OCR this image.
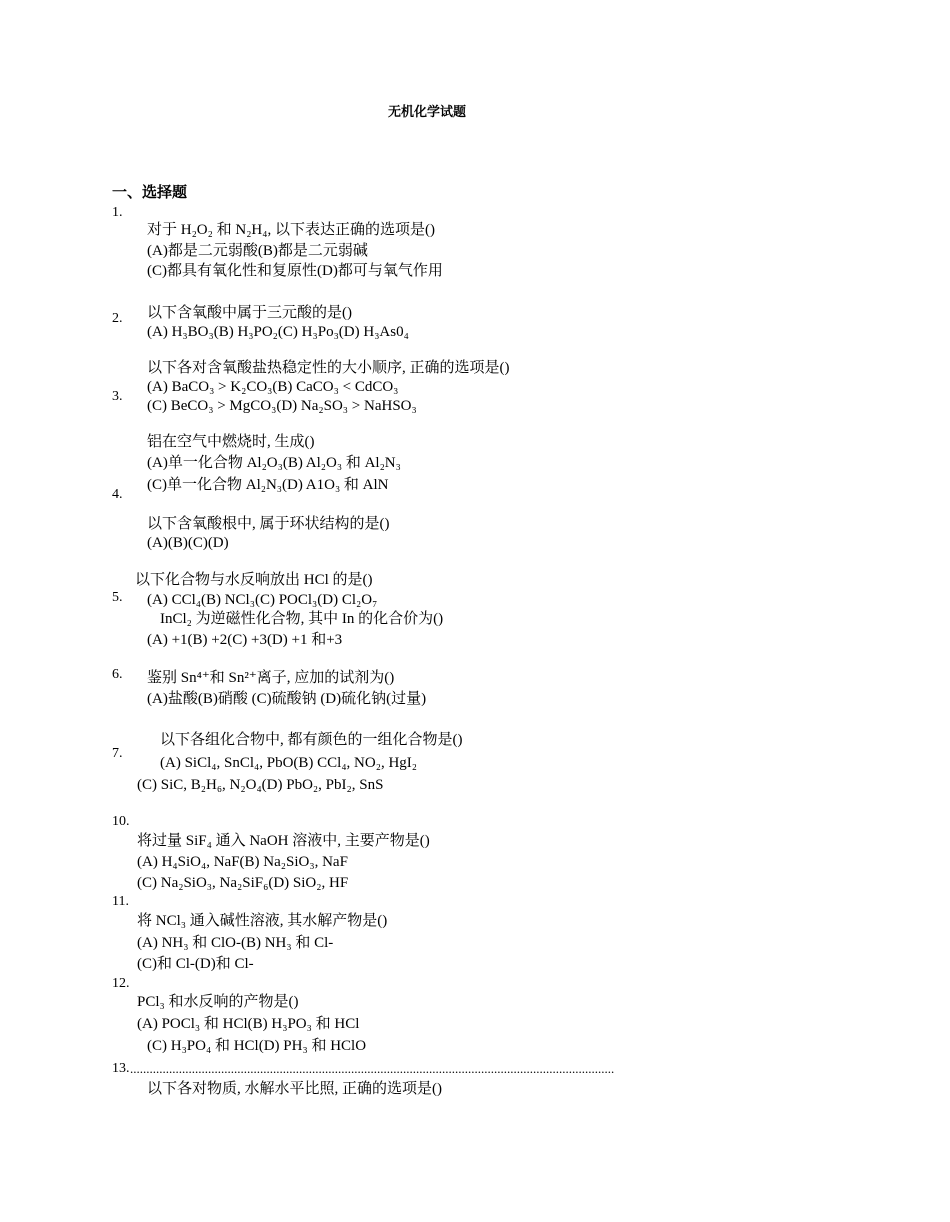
无机化学试题
一、选择题
1.
对于 H₂O₂ 和 N₂H₄, 以下表达正确的选项是()
(A)都是二元弱酸(B)都是二元弱碱
(C)都具有氧化性和复原性(D)都可与氧气作用
2. 以下含氧酸中属于三元酸的是()
(A) H₃BO₃(B) H₃PO₂(C) H₃Po₃(D) H₃As0₄
以下各对含氧酸盐热稳定性的大小顺序, 正确的选项是()
(A) BaCO₃ > K₂CO₃(B) CaCO₃ < CdCO₃
3.
(C) BeCO₃ > MgCO₃(D) Na₂SO₃ > NaHSO₃
铝在空气中燃烧时, 生成()
(A)单一化合物 Al₂O₃(B) Al₂O₃ 和 Al₂N₃
(C)单一化合物 Al₂N₃(D) A1O₃ 和 AlN
4.
以下含氧酸根中, 属于环状结构的是()
(A)(B)(C)(D)
以下化合物与水反响放出 HCl 的是()
5. (A) CCl₄(B) NCl₃(C) POCl₃(D) Cl₂O₇
InCl₂ 为逆磁性化合物, 其中 In 的化合价为()
(A) +1(B) +2(C) +3(D) +1 和+3
6. 鉴别 Sn⁴⁺和 Sn²⁺离子, 应加的试剂为()
(A)盐酸(B)硝酸 (C)硫酸钠 (D)硫化钠(过量)
以下各组化合物中, 都有颜色的一组化合物是()
7.
(A) SiCl₄, SnCl₄, PbO(B) CCl₄, NO₂, HgI₂
(C) SiC, B₂H₆, N₂O₄(D) PbO₂, PbI₂, SnS
10.
将过量 SiF₄ 通入 NaOH 溶液中, 主要产物是()
(A) H₄SiO₄, NaF(B) Na₂SiO₃, NaF
(C) Na₂SiO₃, Na₂SiF₆(D) SiO₂, HF
11.
将 NCl₃ 通入碱性溶液, 其水解产物是()
(A) NH₃ 和 ClO-(B) NH₃ 和 Cl-
(C)和 Cl-(D)和 Cl-
12.
PCl₃ 和水反响的产物是()
(A) POCl₃ 和 HCl(B) H₃PO₃ 和 HCl
(C) H₃PO₄ 和 HCl(D) PH₃ 和 HClO
13. .....................................................................................................................................................
以下各对物质, 水解水平比照, 正确的选项是()
